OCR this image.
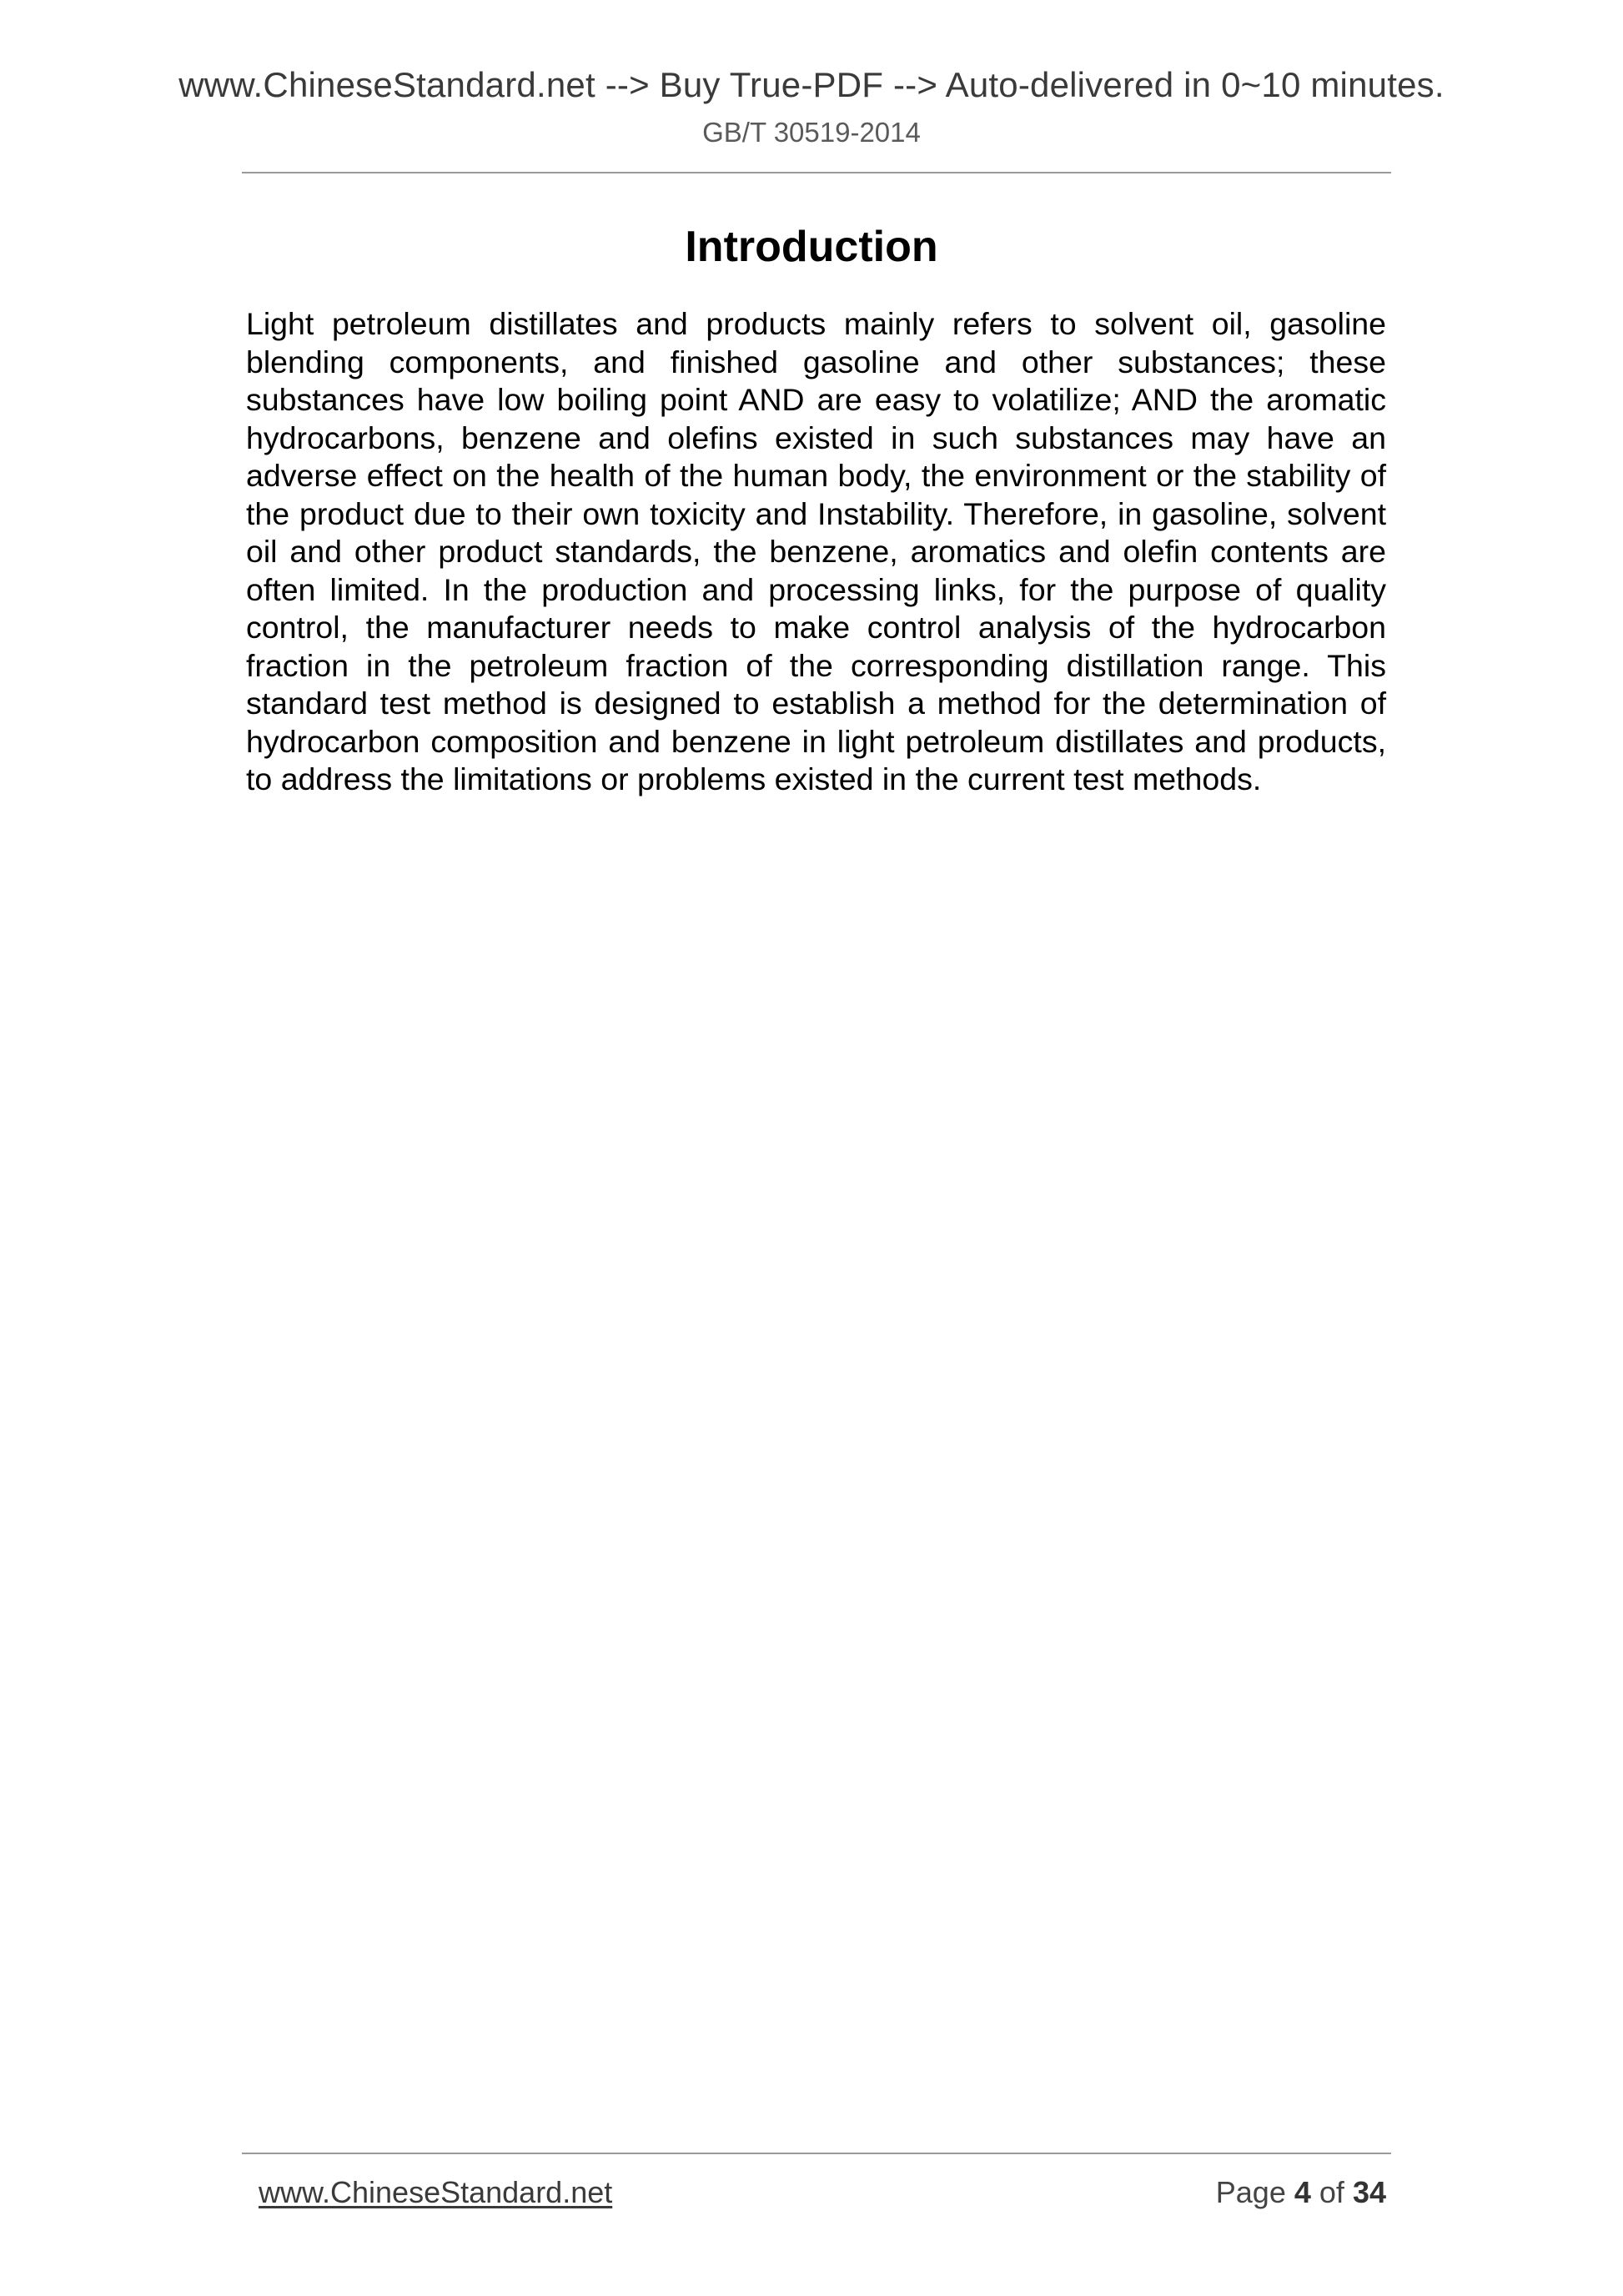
www.ChineseStandard.net --> Buy True-PDF --> Auto-delivered in 0~10 minutes.
GB/T 30519-2014
Introduction

Light petroleum distillates and products mainly refers to solvent oil, gasoline blending components, and finished gasoline and other substances; these substances have low boiling point AND are easy to volatilize; AND the aromatic hydrocarbons, benzene and olefins existed in such substances may have an adverse effect on the health of the human body, the environment or the stability of the product due to their own toxicity and Instability. Therefore, in gasoline, solvent oil and other product standards, the benzene, aromatics and olefin contents are often limited. In the production and processing links, for the purpose of quality control, the manufacturer needs to make control analysis of the hydrocarbon fraction in the petroleum fraction of the corresponding distillation range. This standard test method is designed to establish a method for the determination of hydrocarbon composition and benzene in light petroleum distillates and products, to address the limitations or problems existed in the current test methods.

www.ChineseStandard.net	Page 4 of 34
